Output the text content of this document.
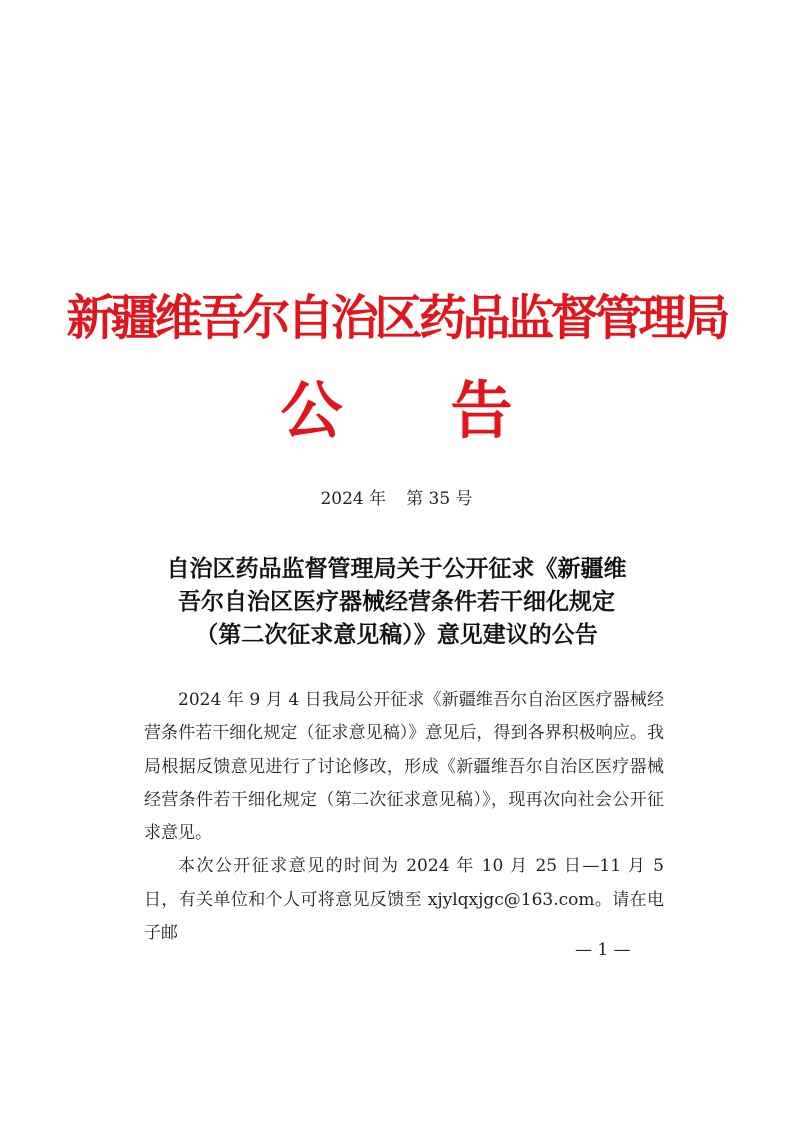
新疆维吾尔自治区药品监督管理局
公 告
2024 年 第 35 号
自治区药品监督管理局关于公开征求《新疆维
吾尔自治区医疗器械经营条件若干细化规定
（第二次征求意见稿）》意见建议的公告

2024 年 9 月 4 日我局公开征求《新疆维吾尔自治区医疗器械经营条件若干细化规定（征求意见稿）》意见后，得到各界积极响应。我局根据反馈意见进行了讨论修改，形成《新疆维吾尔自治区医疗器械经营条件若干细化规定（第二次征求意见稿）》，现再次向社会公开征求意见。

本次公开征求意见的时间为 2024 年 10 月 25 日—11 月 5 日，有关单位和个人可将意见反馈至 xjylqxjgc@163.com。请在电子邮

— 1 —
